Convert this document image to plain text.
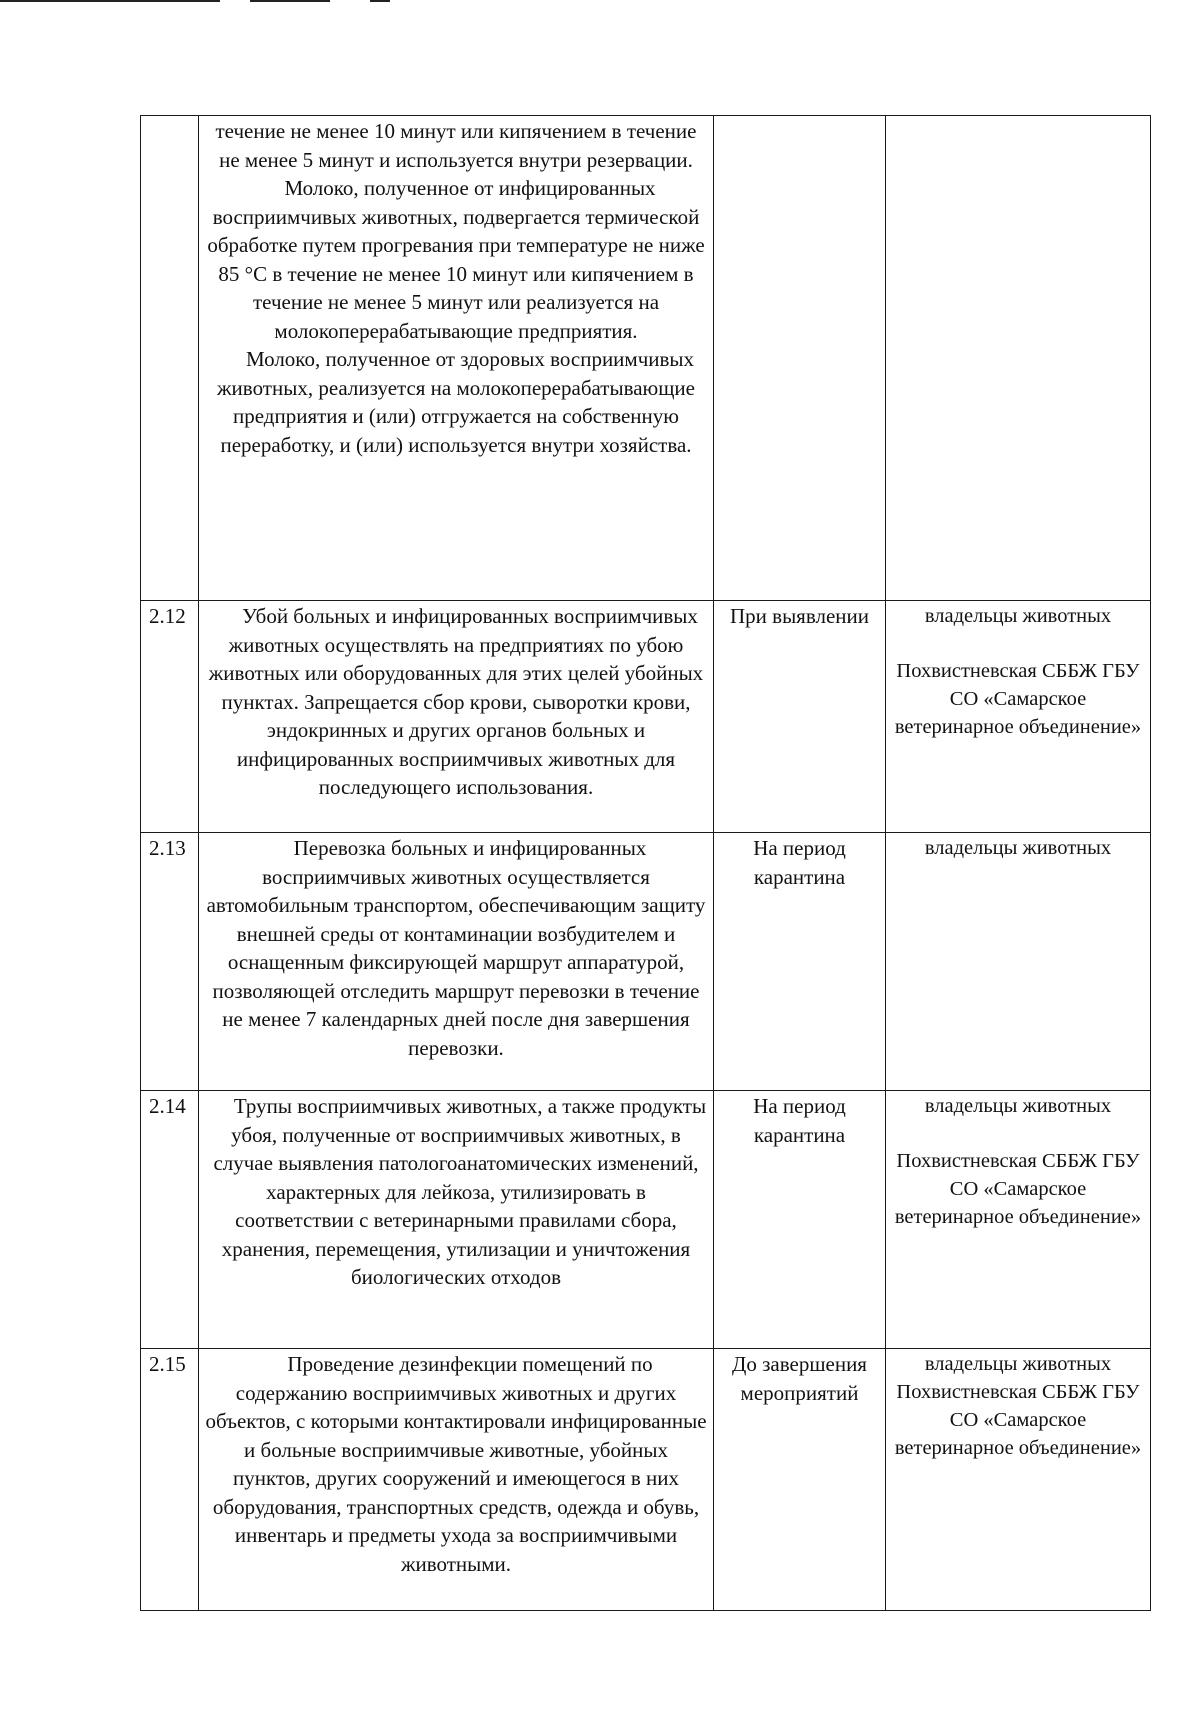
	течение не менее 10 минут или кипячением в течение не менее 5 минут и используется внутри резервации.
Молоко, полученное от инфицированных восприимчивых животных, подвергается термической обработке путем прогревания при температуре не ниже 85 °С в течение не менее 10 минут или кипячением в течение не менее 5 минут или реализуется на молокоперерабатывающие предприятия.
Молоко, полученное от здоровых восприимчивых животных, реализуется на молокоперерабатывающие предприятия и (или) отгружается на собственную переработку, и (или) используется внутри хозяйства.		

2.12	Убой больных и инфицированных восприимчивых животных осуществлять на предприятиях по убою животных или оборудованных для этих целей убойных пунктах. Запрещается сбор крови, сыворотки крови, эндокринных и других органов больных и инфицированных восприимчивых животных для последующего использования.	При выявлении	владельцы животных
Похвистневская СББЖ ГБУ СО «Самарское ветеринарное объединение»

2.13	Перевозка больных и инфицированных восприимчивых животных осуществляется автомобильным транспортом, обеспечивающим защиту внешней среды от контаминации возбудителем и оснащенным фиксирующей маршрут аппаратурой, позволяющей отследить маршрут перевозки в течение не менее 7 календарных дней после дня завершения перевозки.	На период карантина	владельцы животных

2.14	Трупы восприимчивых животных, а также продукты убоя, полученные от восприимчивых животных, в случае выявления патологоанатомических изменений, характерных для лейкоза, утилизировать в соответствии с ветеринарными правилами сбора, хранения, перемещения, утилизации и уничтожения биологических отходов	На период карантина	владельцы животных
Похвистневская СББЖ ГБУ СО «Самарское ветеринарное объединение»

2.15	Проведение дезинфекции помещений по содержанию восприимчивых животных и других объектов, с которыми контактировали инфицированные и больные восприимчивые животные, убойных пунктов, других сооружений и имеющегося в них оборудования, транспортных средств, одежда и обувь, инвентарь и предметы ухода за восприимчивыми животными.	До завершения мероприятий	владельцы животных
Похвистневская СББЖ ГБУ СО «Самарское ветеринарное объединение»
